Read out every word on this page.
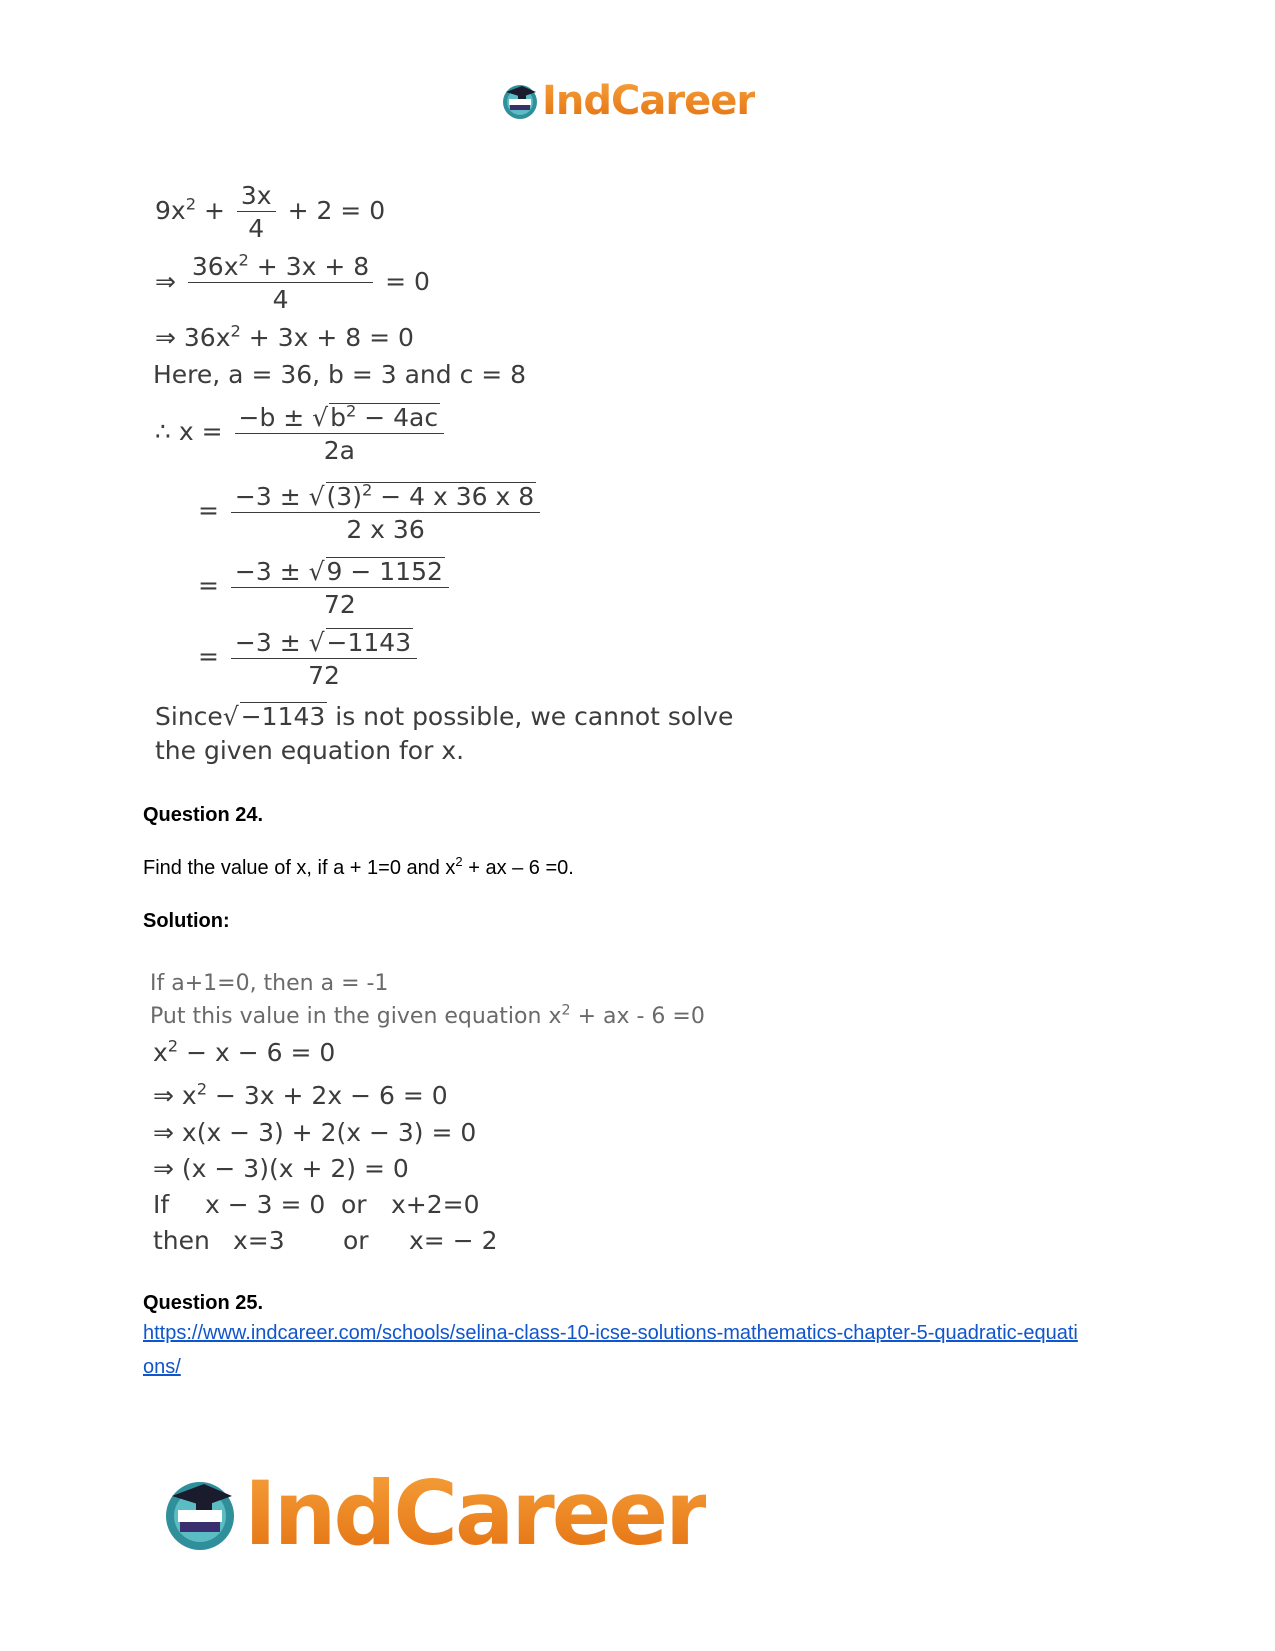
IndCareer
$9x^2 + \frac{3x}{4} + 2 = 0$
⇒ $\frac{36x^2 + 3x + 8}{4} = 0$
⇒ $36x^2 + 3x + 8 = 0$
Here, a = 36, b = 3 and c = 8
∴ $x = \frac{-b \pm √b^2 - 4ac}{2a}$
= $\frac{-3 \pm √(3)^2 - 4 x 36 x 8}{2 x 36}$
= $\frac{-3 \pm √9 - 1152}{72}$
= $\frac{-3 \pm √-1143}{72}$
Since√−1143 is not possible, we cannot solve
the given equation for x.
Question 24.
Find the value of x, if a + 1=0 and $x^2$ + ax – 6 =0.
Solution:
If a+1=0, then a = -1
Put this value in the given equation $x^2$ + ax - 6 =0
$x^2 - x - 6 = 0$
⇒ $x^2 - 3x + 2x - 6 = 0$
⇒ x(x − 3) + 2(x − 3) = 0
⇒ (x − 3)(x + 2) = 0
If x − 3 = 0 or x+2=0
then x=3 or x= − 2
Question 25.
https://www.indcareer.com/schools/selina-class-10-icse-solutions-mathematics-chapter-5-quadratic-equations/
IndCareer
